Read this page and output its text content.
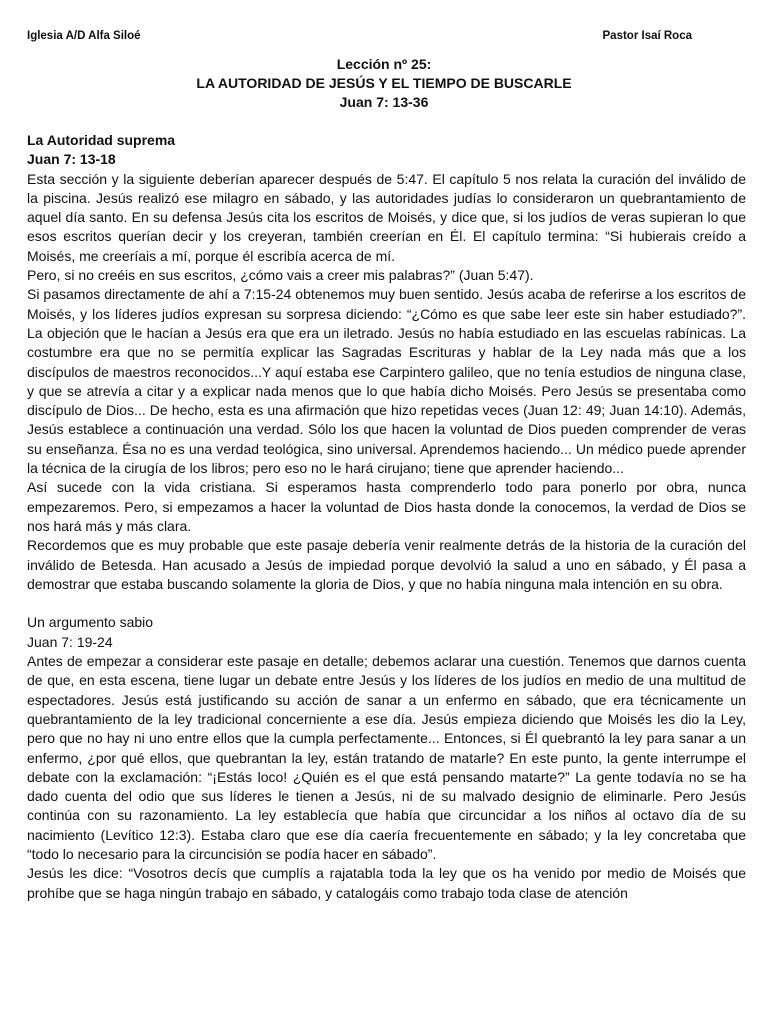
Iglesia A/D Alfa Siloé	Pastor Isaí Roca
Lección nº 25:
LA AUTORIDAD DE JESÚS Y EL TIEMPO DE BUSCARLE
Juan 7: 13-36

La Autoridad suprema

Juan 7: 13-18

Esta sección y la siguiente deberían aparecer después de 5:47. El capítulo 5 nos relata la curación del inválido de la piscina. Jesús realizó ese milagro en sábado, y las autoridades judías lo consideraron un quebrantamiento de aquel día santo. En su defensa Jesús cita los escritos de Moisés, y dice que, si los judíos de veras supieran lo que esos escritos querían decir y los creyeran, también creerían en Él. El capítulo termina: “Si hubierais creído a Moisés, me creeríais a mí, porque él escribía acerca de mí.

Pero, si no creéis en sus escritos, ¿cómo vais a creer mis palabras?” (Juan 5:47).

Si pasamos directamente de ahí a 7:15-24 obtenemos muy buen sentido. Jesús acaba de referirse a los escritos de Moisés, y los líderes judíos expresan su sorpresa diciendo: “¿Cómo es que sabe leer este sin haber estudiado?”. La objeción que le hacían a Jesús era que era un iletrado. Jesús no había estudiado en las escuelas rabínicas. La costumbre era que no se permitía explicar las Sagradas Escrituras y hablar de la Ley nada más que a los discípulos de maestros reconocidos...Y aquí estaba ese Carpintero galileo, que no tenía estudios de ninguna clase, y que se atrevía a citar y a explicar nada menos que lo que había dicho Moisés. Pero Jesús se presentaba como discípulo de Dios... De hecho, esta es una afirmación que hizo repetidas veces (Juan 12: 49; Juan 14:10). Además, Jesús establece a continuación una verdad. Sólo los que hacen la voluntad de Dios pueden comprender de veras su enseñanza. Ésa no es una verdad teológica, sino universal. Aprendemos haciendo... Un médico puede aprender la técnica de la cirugía de los libros; pero eso no le hará cirujano; tiene que aprender haciendo...

Así sucede con la vida cristiana. Si esperamos hasta comprenderlo todo para ponerlo por obra, nunca empezaremos. Pero, si empezamos a hacer la voluntad de Dios hasta donde la conocemos, la verdad de Dios se nos hará más y más clara.

Recordemos que es muy probable que este pasaje debería venir realmente detrás de la historia de la curación del inválido de Betesda. Han acusado a Jesús de impiedad porque devolvió la salud a uno en sábado, y Él pasa a demostrar que estaba buscando solamente la gloria de Dios, y que no había ninguna mala intención en su obra.

Un argumento sabio

Juan 7: 19-24

Antes de empezar a considerar este pasaje en detalle; debemos aclarar una cuestión. Tenemos que darnos cuenta de que, en esta escena, tiene lugar un debate entre Jesús y los líderes de los judíos en medio de una multitud de espectadores. Jesús está justificando su acción de sanar a un enfermo en sábado, que era técnicamente un quebrantamiento de la ley tradicional concerniente a ese día. Jesús empieza diciendo que Moisés les dio la Ley, pero que no hay ni uno entre ellos que la cumpla perfectamente... Entonces, si Él quebrantó la ley para sanar a un enfermo, ¿por qué ellos, que quebrantan la ley, están tratando de matarle? En este punto, la gente interrumpe el debate con la exclamación: “¡Estás loco! ¿Quién es el que está pensando matarte?” La gente todavía no se ha dado cuenta del odio que sus líderes le tienen a Jesús, ni de su malvado designio de eliminarle. Pero Jesús continúa con su razonamiento. La ley establecía que había que circuncidar a los niños al octavo día de su nacimiento (Levítico 12:3). Estaba claro que ese día caería frecuentemente en sábado; y la ley concretaba que “todo lo necesario para la circuncisión se podía hacer en sábado”.

Jesús les dice: “Vosotros decís que cumplís a rajatabla toda la ley que os ha venido por medio de Moisés que prohíbe que se haga ningún trabajo en sábado, y catalogáis como trabajo toda clase de atención
